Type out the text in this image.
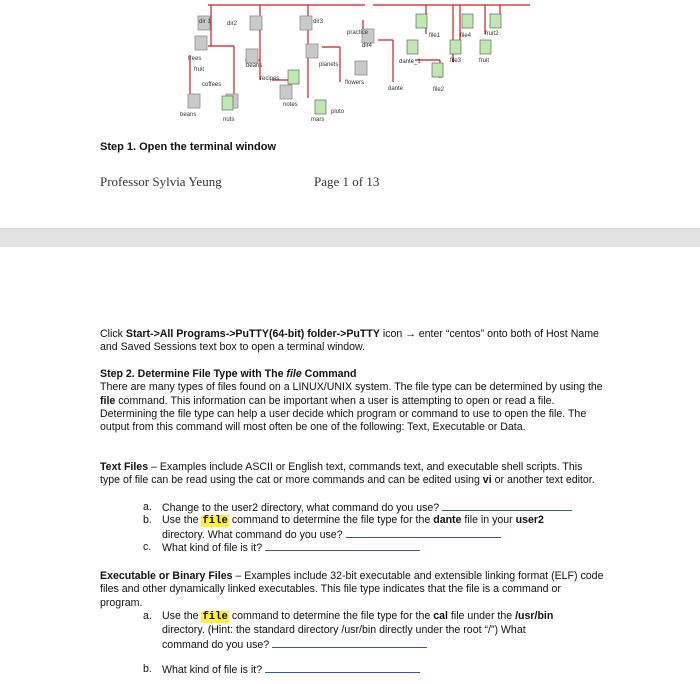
dir 1	dir2	dir3
practice
dir4
file1	file4 fruit2
trees
fruit
beans	planets	dante_1	file3	fruit
coffees
recipes
flowers
dante	file2
notes
pluto
nuts	mars
beans
Step 1. Open the terminal window
Professor Sylvia Yeung	Page 1 of 13
Click Start->All Programs->PuTTY(64-bit) folder->PuTTY icon → enter “centos” onto both of Host Name and Saved Sessions text box to open a terminal window.
Step 2. Determine File Type with The file Command
There are many types of files found on a LINUX/UNIX system. The file type can be determined by using the file command. This information can be important when a user is attempting to open or read a file. Determining the file type can help a user decide which program or command to use to open the file. The output from this command will most often be one of the following: Text, Executable or Data.
Text Files – Examples include ASCII or English text, commands text, and executable shell scripts. This type of file can be read using the cat or more commands and can be edited using vi or another text editor.
a. Change to the user2 directory, what command do you use?
b. Use the file command to determine the file type for the dante file in your user2
directory. What command do you use?
c. What kind of file is it?
Executable or Binary Files – Examples include 32-bit executable and extensible linking format (ELF) code files and other dynamically linked executables. This file type indicates that the file is a command or program.
a. Use the file command to determine the file type for the cal file under the /usr/bin
directory. (Hint: the standard directory /usr/bin directly under the root “/”) What
command do you use?
b. What kind of file is it?
